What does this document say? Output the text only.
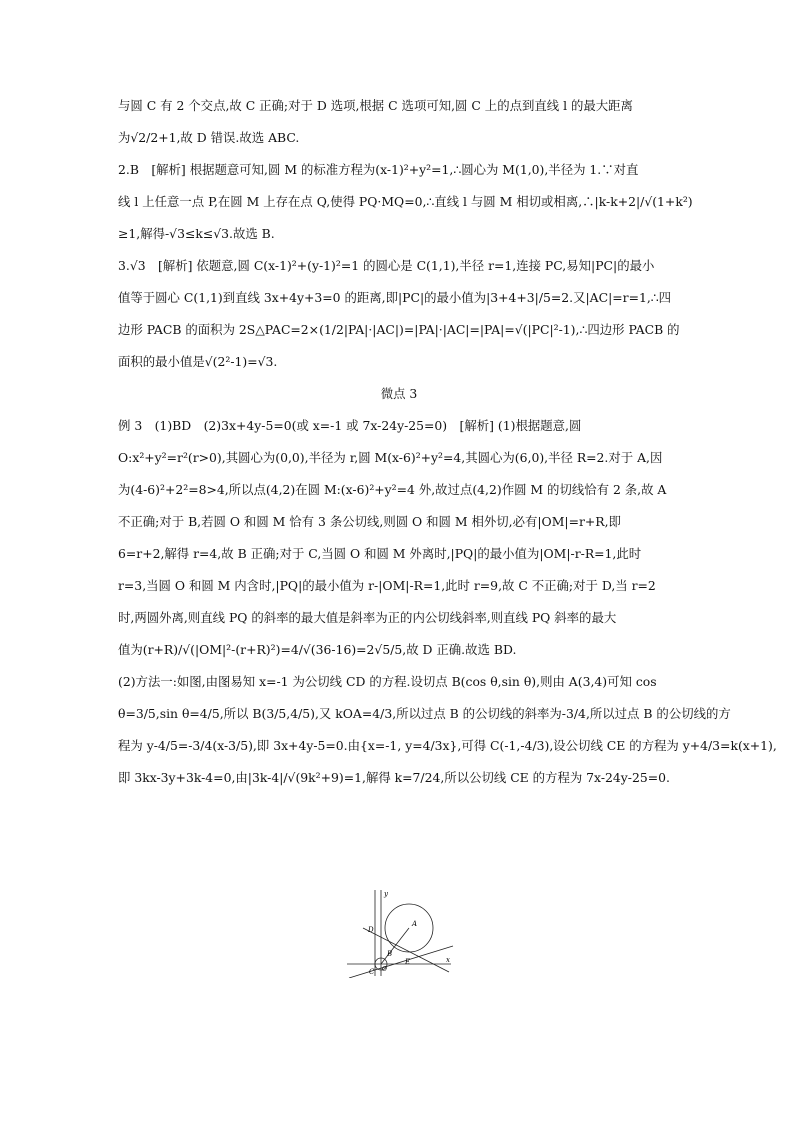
与圆 C 有 2 个交点,故 C 正确;对于 D 选项,根据 C 选项可知,圆 C 上的点到直线 l 的最大距离
为√2/2+1,故 D 错误.故选 ABC.
2.B　[解析] 根据题意可知,圆 M 的标准方程为(x-1)²+y²=1,∴圆心为 M(1,0),半径为 1.∵对直
线 l 上任意一点 P,在圆 M 上存在点 Q,使得 PQ·MQ=0,∴直线 l 与圆 M 相切或相离,∴|k-k+2|/√(1+k²)
≥1,解得-√3≤k≤√3.故选 B.
3.√3　[解析] 依题意,圆 C(x-1)²+(y-1)²=1 的圆心是 C(1,1),半径 r=1,连接 PC,易知|PC|的最小
值等于圆心 C(1,1)到直线 3x+4y+3=0 的距离,即|PC|的最小值为|3+4+3|/5=2.又|AC|=r=1,∴四
边形 PACB 的面积为 2S△PAC=2×(1/2|PA|·|AC|)=|PA|·|AC|=|PA|=√(|PC|²-1),∴四边形 PACB 的
面积的最小值是√(2²-1)=√3.
微点 3
例 3　(1)BD　(2)3x+4y-5=0(或 x=-1 或 7x-24y-25=0)　[解析] (1)根据题意,圆
O:x²+y²=r²(r>0),其圆心为(0,0),半径为 r,圆 M(x-6)²+y²=4,其圆心为(6,0),半径 R=2.对于 A,因
为(4-6)²+2²=8>4,所以点(4,2)在圆 M:(x-6)²+y²=4 外,故过点(4,2)作圆 M 的切线恰有 2 条,故 A
不正确;对于 B,若圆 O 和圆 M 恰有 3 条公切线,则圆 O 和圆 M 相外切,必有|OM|=r+R,即
6=r+2,解得 r=4,故 B 正确;对于 C,当圆 O 和圆 M 外离时,|PQ|的最小值为|OM|-r-R=1,此时
r=3,当圆 O 和圆 M 内含时,|PQ|的最小值为 r-|OM|-R=1,此时 r=9,故 C 不正确;对于 D,当 r=2
时,两圆外离,则直线 PQ 的斜率的最大值是斜率为正的内公切线斜率,则直线 PQ 斜率的最大
值为(r+R)/√(|OM|²-(r+R)²)=4/√(36-16)=2√5/5,故 D 正确.故选 BD.
(2)方法一:如图,由图易知 x=-1 为公切线 CD 的方程.设切点 B(cos θ,sin θ),则由 A(3,4)可知 cos
θ=3/5,sin θ=4/5,所以 B(3/5,4/5),又 kOA=4/3,所以过点 B 的公切线的斜率为-3/4,所以过点 B 的公切线的方
程为 y-4/5=-3/4(x-3/5),即 3x+4y-5=0.由{x=-1, y=4/3x},可得 C(-1,-4/3),设公切线 CE 的方程为 y+4/3=k(x+1),
即 3kx-3y+3k-4=0,由|3k-4|/√(9k²+9)=1,解得 k=7/24,所以公切线 CE 的方程为 7x-24y-25=0.
y
D
A
B
O
C
E	x
